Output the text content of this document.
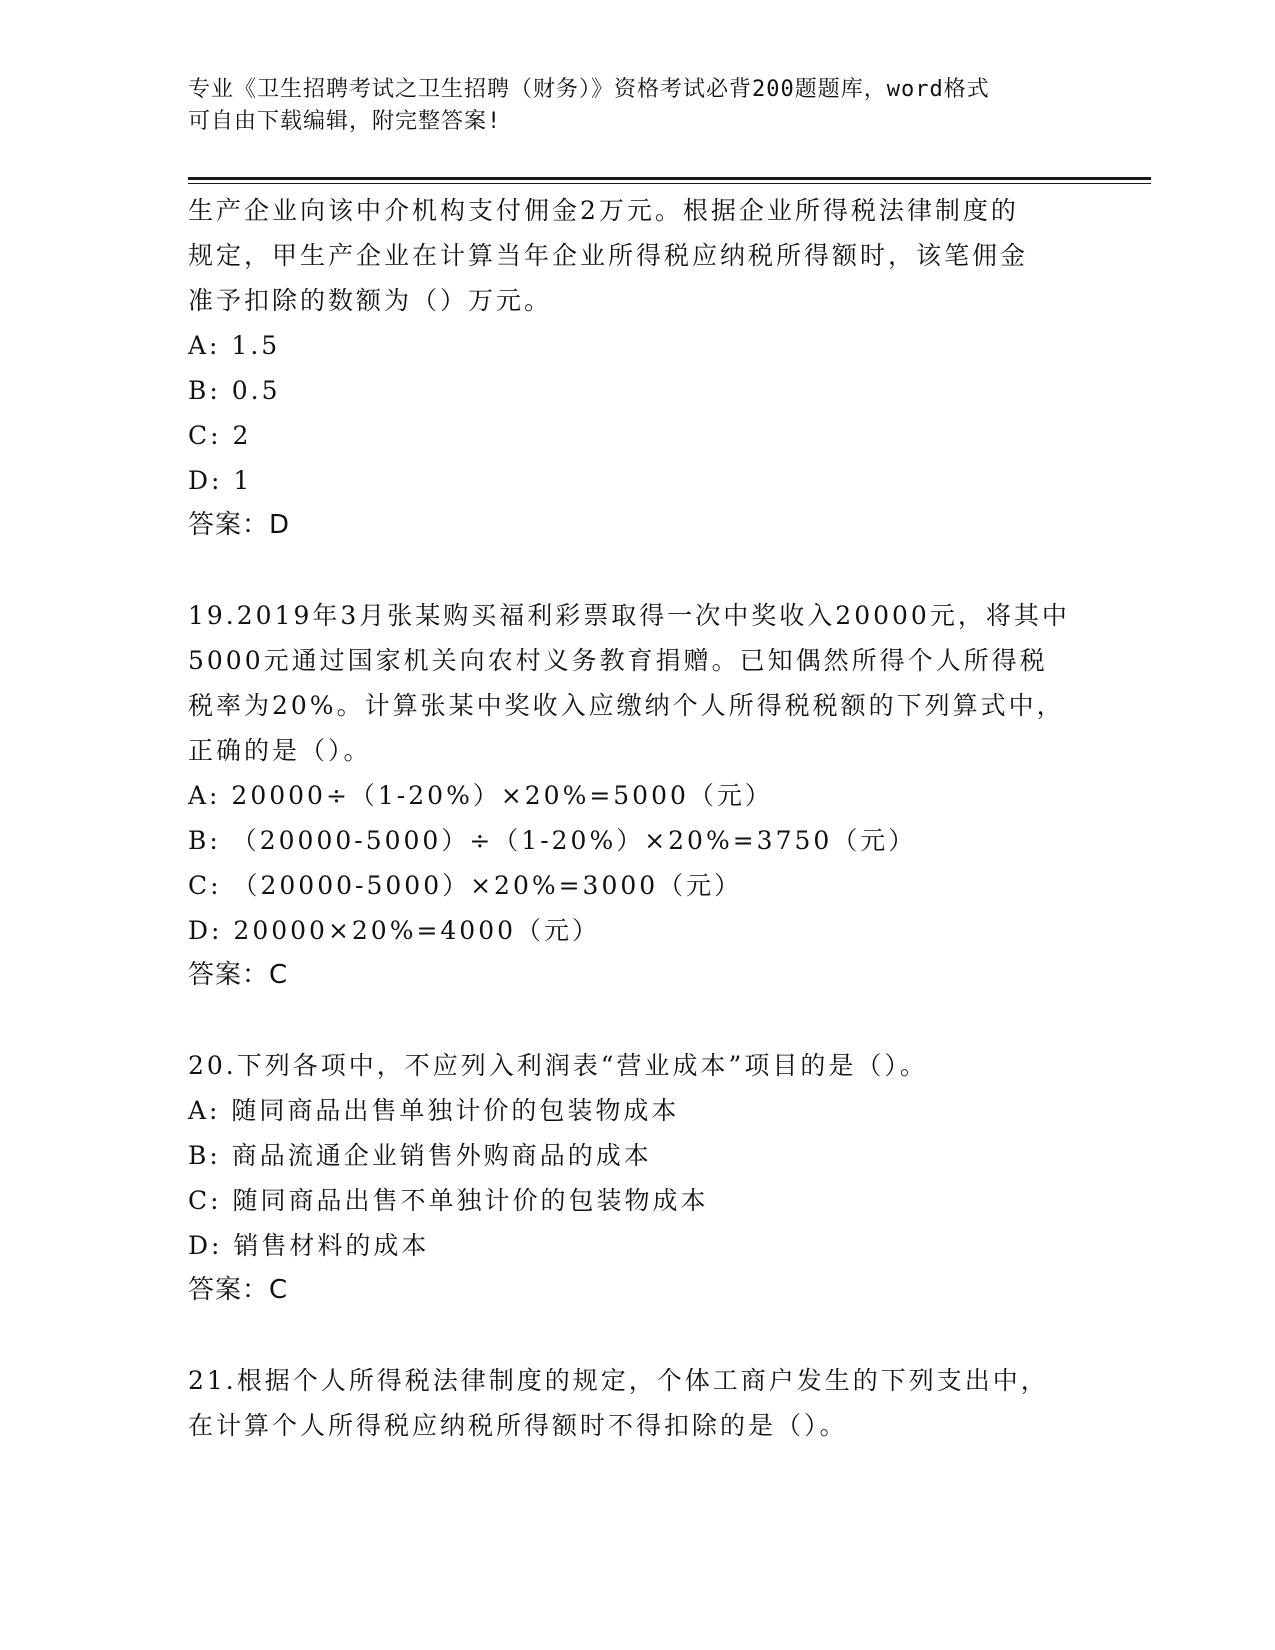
专业《卫生招聘考试之卫生招聘（财务）》资格考试必背200题题库，word格式
可自由下载编辑，附完整答案!
生产企业向该中介机构支付佣金2万元。根据企业所得税法律制度的
规定，甲生产企业在计算当年企业所得税应纳税所得额时，该笔佣金
准予扣除的数额为（）万元。
A: 1.5
B: 0.5
C: 2
D: 1
答案：D
19.2019年3月张某购买福利彩票取得一次中奖收入20000元，将其中
5000元通过国家机关向农村义务教育捐赠。已知偶然所得个人所得税
税率为20%。计算张某中奖收入应缴纳个人所得税税额的下列算式中，
正确的是（）。
A: 20000÷（1-20%）×20%=5000（元）
B: （20000-5000）÷（1-20%）×20%=3750（元）
C: （20000-5000）×20%=3000（元）
D: 20000×20%=4000（元）
答案：C
20.下列各项中，不应列入利润表“营业成本”项目的是（）。
A: 随同商品出售单独计价的包装物成本
B: 商品流通企业销售外购商品的成本
C: 随同商品出售不单独计价的包装物成本
D: 销售材料的成本
答案：C
21.根据个人所得税法律制度的规定，个体工商户发生的下列支出中，
在计算个人所得税应纳税所得额时不得扣除的是（）。
